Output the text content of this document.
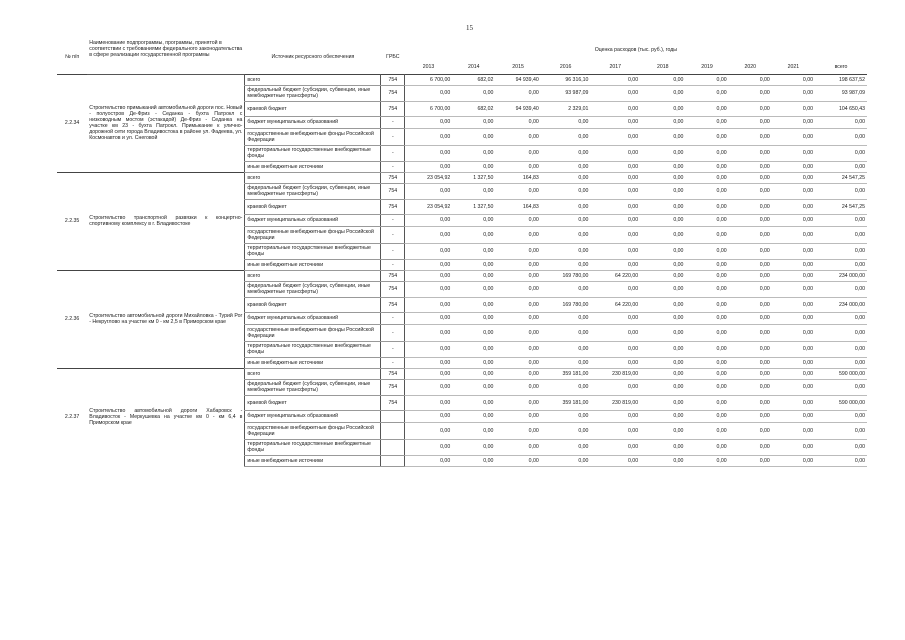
15
№ п/п	Наименование подпрограммы, программы, принятой в соответствии с требованиями федерального законодательства в сфере реализации государственной программы	Источник ресурсного обеспечения	ГРБС	Оценка расходов (тыс. руб.), годы									
				2013	2014	2015	2016	2017	2018	2019	2020	2021	всего
2.2.34	Строительство примыканий автомобильной дороги пос. Новый - полуостров Де-Фриз - Седанка - бухта Патрокл с низководным мостом (эстакадой) Де-Фриз - Седанка на участке км 23 - бухта Патрокл. Примыкание к улично-дорожной сети города Владивостока в районе ул. Фадеева, ул. Космонавтов и ул. Снеговой	всего	754	6 700,00	682,02	94 939,40	96 316,10	0,00	0,00	0,00	0,00	0,00	198 637,52
		федеральный бюджет (субсидии, субвенции, иные межбюджетные трансферты)	754	0,00	0,00	0,00	93 987,09	0,00	0,00	0,00	0,00	0,00	93 987,09
		краевой бюджет	754	6 700,00	682,02	94 939,40	2 329,01	0,00	0,00	0,00	0,00	0,00	104 650,43
		бюджет муниципальных образований	-	0,00	0,00	0,00	0,00	0,00	0,00	0,00	0,00	0,00	0,00
		государственные внебюджетные фонды Российской Федерации	-	0,00	0,00	0,00	0,00	0,00	0,00	0,00	0,00	0,00	0,00
		территориальные государственные внебюджетные фонды	-	0,00	0,00	0,00	0,00	0,00	0,00	0,00	0,00	0,00	0,00
		иные внебюджетные источники	-	0,00	0,00	0,00	0,00	0,00	0,00	0,00	0,00	0,00	0,00
2.2.35	Строительство транспортной развязки к концертно- спортивному комплексу в г. Владивостоке	всего	754	23 054,92	1 327,50	164,83	0,00	0,00	0,00	0,00	0,00	0,00	24 547,25
		федеральный бюджет (субсидии, субвенции, иные межбюджетные трансферты)	754	0,00	0,00	0,00	0,00	0,00	0,00	0,00	0,00	0,00	0,00
		краевой бюджет	754	23 054,92	1 327,50	164,83	0,00	0,00	0,00	0,00	0,00	0,00	24 547,25
		бюджет муниципальных образований	-	0,00	0,00	0,00	0,00	0,00	0,00	0,00	0,00	0,00	0,00
		государственные внебюджетные фонды Российской Федерации	-	0,00	0,00	0,00	0,00	0,00	0,00	0,00	0,00	0,00	0,00
		территориальные государственные внебюджетные фонды	-	0,00	0,00	0,00	0,00	0,00	0,00	0,00	0,00	0,00	0,00
		иные внебюджетные источники	-	0,00	0,00	0,00	0,00	0,00	0,00	0,00	0,00	0,00	0,00
2.2.36	Строительство автомобильной дороги Михайловка - Турий Рог - Некруглово на участке км 0 - км 2,5 в Приморском крае	всего	754	0,00	0,00	0,00	169 780,00	64 220,00	0,00	0,00	0,00	0,00	234 000,00
		федеральный бюджет (субсидии, субвенции, иные межбюджетные трансферты)	754	0,00	0,00	0,00	0,00	0,00	0,00	0,00	0,00	0,00	0,00
		краевой бюджет	754	0,00	0,00	0,00	169 780,00	64 220,00	0,00	0,00	0,00	0,00	234 000,00
		бюджет муниципальных образований	-	0,00	0,00	0,00	0,00	0,00	0,00	0,00	0,00	0,00	0,00
		государственные внебюджетные фонды Российской Федерации	-	0,00	0,00	0,00	0,00	0,00	0,00	0,00	0,00	0,00	0,00
		территориальные государственные внебюджетные фонды	-	0,00	0,00	0,00	0,00	0,00	0,00	0,00	0,00	0,00	0,00
		иные внебюджетные источники	-	0,00	0,00	0,00	0,00	0,00	0,00	0,00	0,00	0,00	0,00
2.2.37	Строительство автомобильной дороги Хабаровск - Владивосток - Меркушевка на участке км 0 - км 6,4 в Приморском крае	всего	754	0,00	0,00	0,00	359 181,00	230 819,00	0,00	0,00	0,00	0,00	590 000,00
		федеральный бюджет (субсидии, субвенции, иные межбюджетные трансферты)	754	0,00	0,00	0,00	0,00	0,00	0,00	0,00	0,00	0,00	0,00
		краевой бюджет	754	0,00	0,00	0,00	359 181,00	230 819,00	0,00	0,00	0,00	0,00	590 000,00
		бюджет муниципальных образований		0,00	0,00	0,00	0,00	0,00	0,00	0,00	0,00	0,00	0,00
		государственные внебюджетные фонды Российской Федерации		0,00	0,00	0,00	0,00	0,00	0,00	0,00	0,00	0,00	0,00
		территориальные государственные внебюджетные фонды		0,00	0,00	0,00	0,00	0,00	0,00	0,00	0,00	0,00	0,00
		иные внебюджетные источники		0,00	0,00	0,00	0,00	0,00	0,00	0,00	0,00	0,00	0,00
